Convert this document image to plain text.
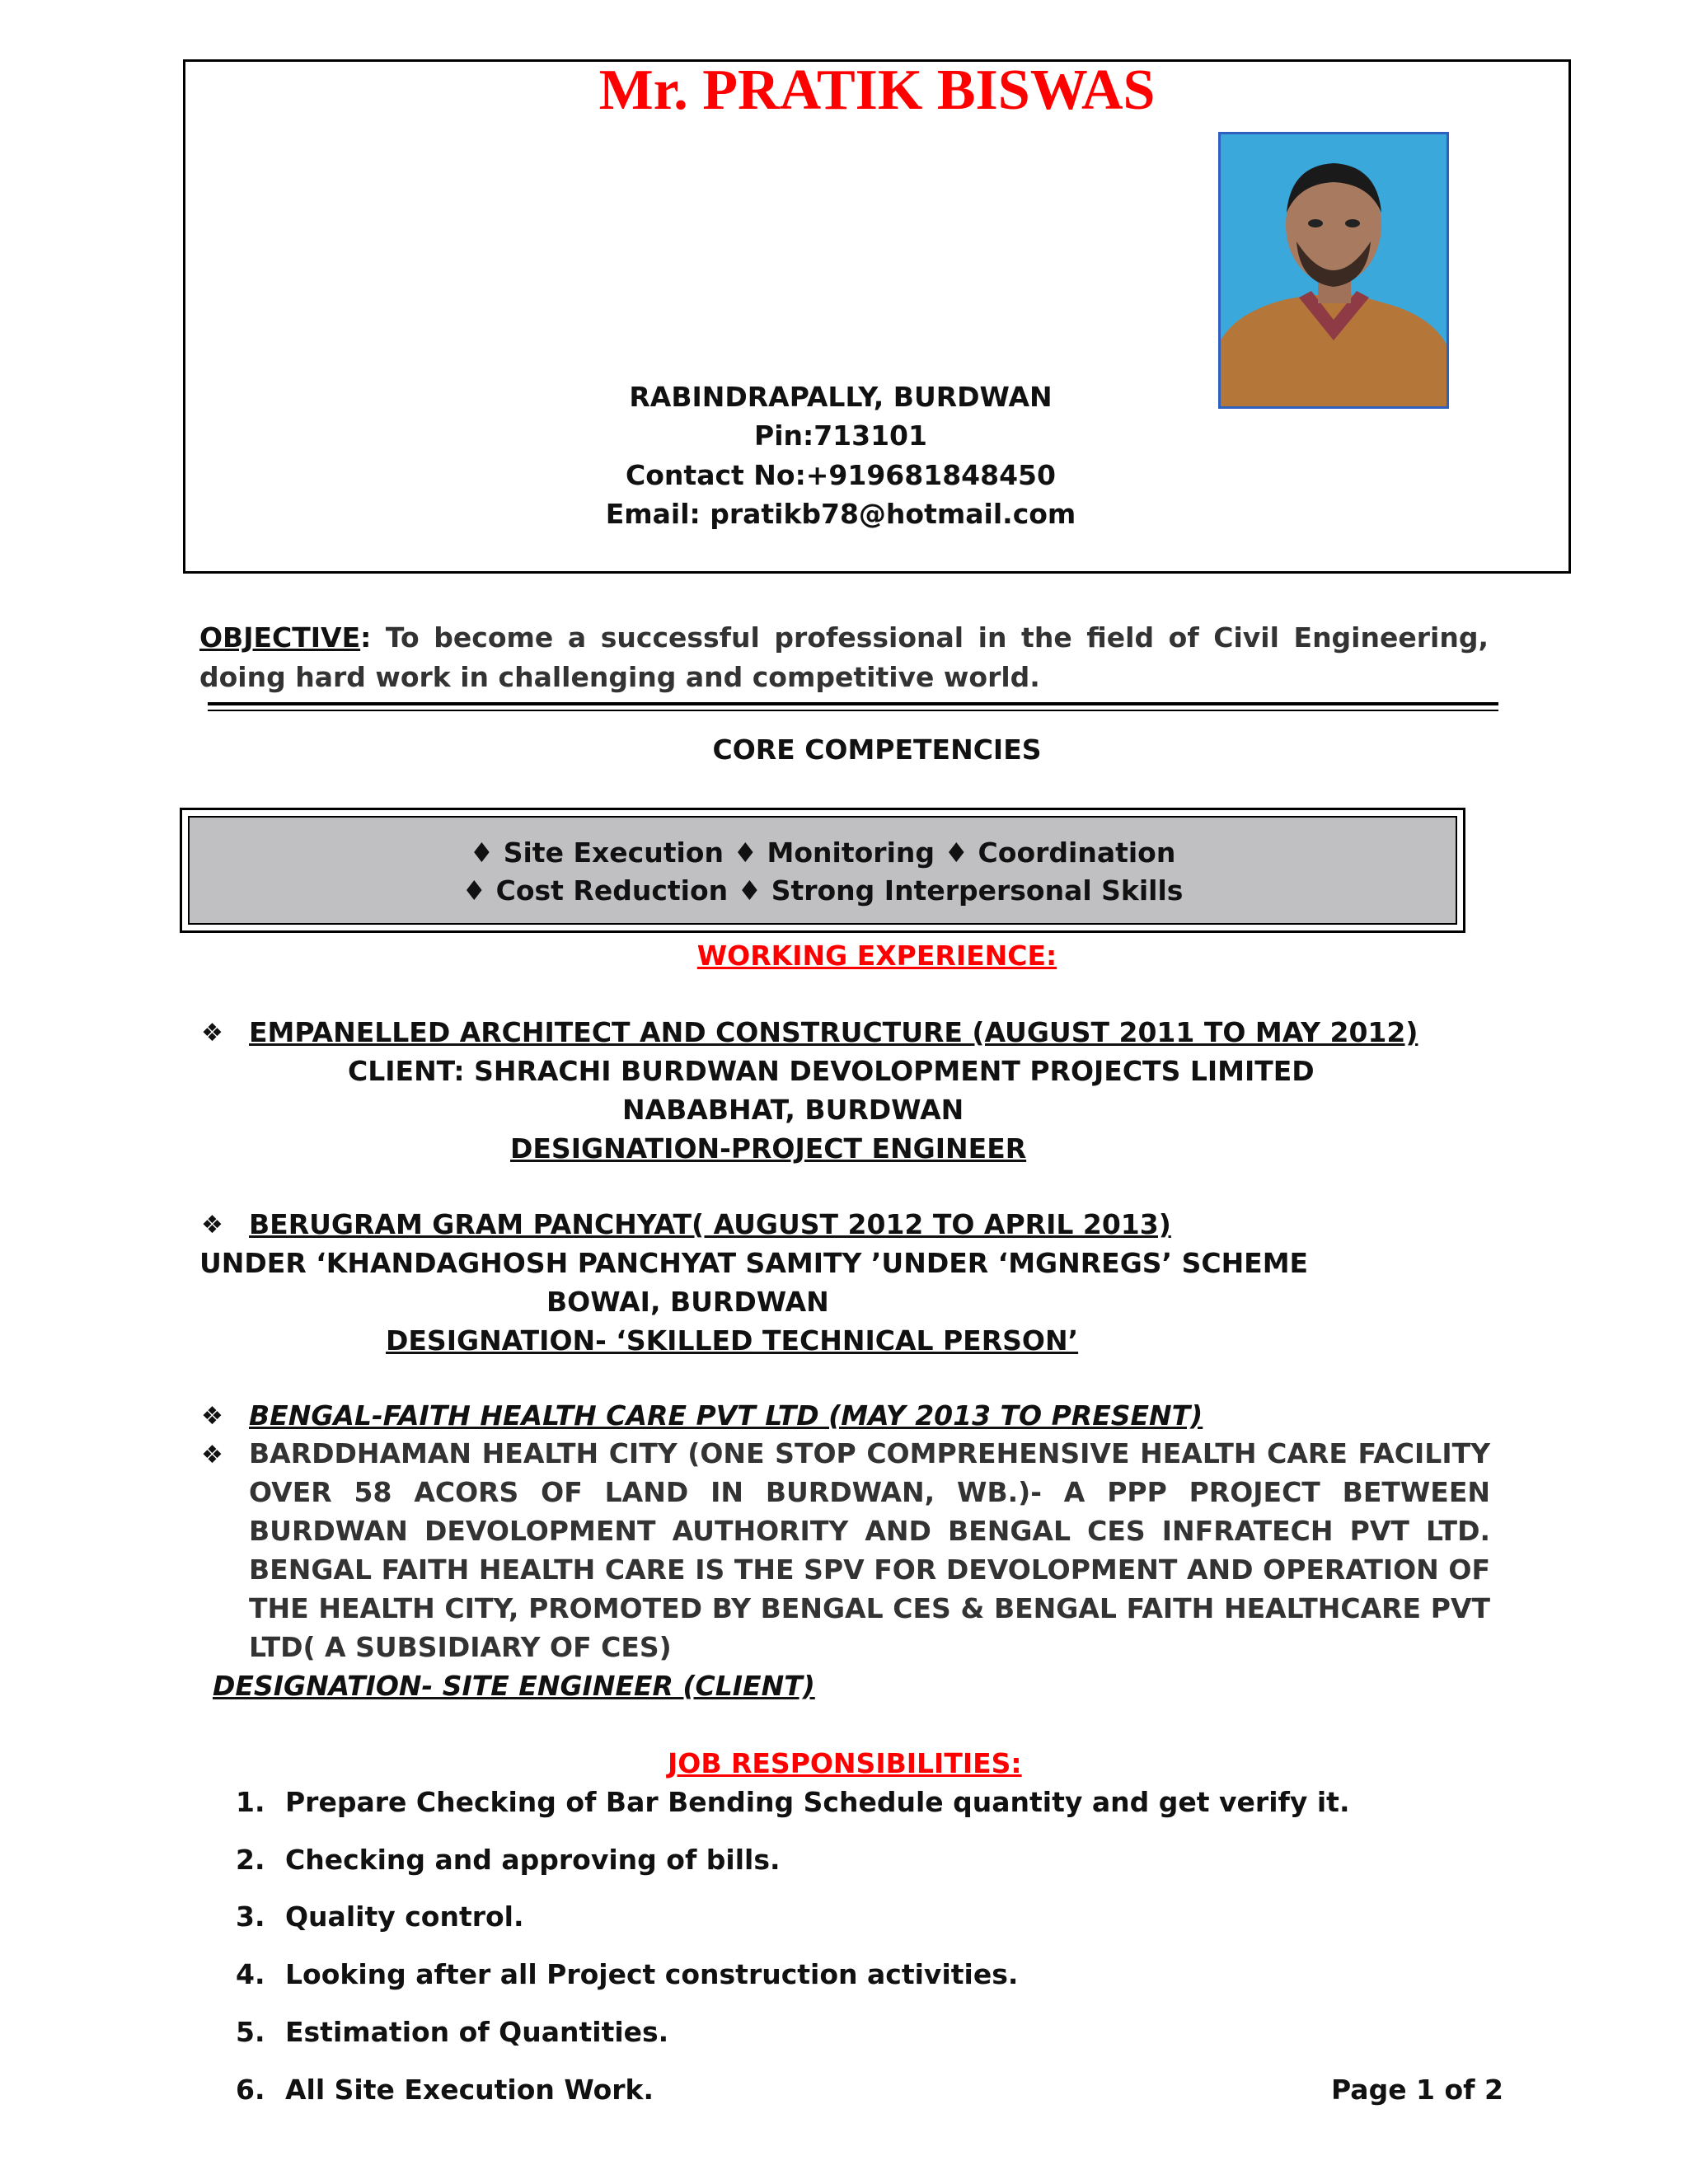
Mr. PRATIK BISWAS
RABINDRAPALLY, BURDWAN
Pin:713101
Contact No:+919681848450
Email: pratikb78@hotmail.com
OBJECTIVE: To become a successful professional in the field of Civil Engineering, doing hard work in challenging and competitive world.
CORE COMPETENCIES
♦ Site Execution ♦ Monitoring ♦ Coordination
♦ Cost Reduction ♦ Strong Interpersonal Skills
WORKING EXPERIENCE:
❖ EMPANELLED ARCHITECT AND CONSTRUCTURE (AUGUST 2011 TO MAY 2012)
CLIENT: SHRACHI BURDWAN DEVOLOPMENT PROJECTS LIMITED
NABABHAT, BURDWAN
DESIGNATION-PROJECT ENGINEER
❖ BERUGRAM GRAM PANCHYAT( AUGUST 2012 TO APRIL 2013)
UNDER ‘KHANDAGHOSH PANCHYAT SAMITY ’UNDER ‘MGNREGS’ SCHEME
BOWAI, BURDWAN
DESIGNATION- ‘SKILLED TECHNICAL PERSON’
❖ BENGAL-FAITH HEALTH CARE PVT LTD (MAY 2013 TO PRESENT)
❖ BARDDHAMAN HEALTH CITY (ONE STOP COMPREHENSIVE HEALTH CARE FACILITY OVER 58 ACORS OF LAND IN BURDWAN, WB.)- A PPP PROJECT BETWEEN BURDWAN DEVOLOPMENT AUTHORITY AND BENGAL CES INFRATECH PVT LTD. BENGAL FAITH HEALTH CARE IS THE SPV FOR DEVOLOPMENT AND OPERATION OF THE HEALTH CITY, PROMOTED BY BENGAL CES & BENGAL FAITH HEALTHCARE PVT LTD( A SUBSIDIARY OF CES)
DESIGNATION- SITE ENGINEER (CLIENT)
JOB RESPONSIBILITIES:
1. Prepare Checking of Bar Bending Schedule quantity and get verify it.
2. Checking and approving of bills.
3. Quality control.
4. Looking after all Project construction activities.
5. Estimation of Quantities.
6. All Site Execution Work.	Page 1 of 2
